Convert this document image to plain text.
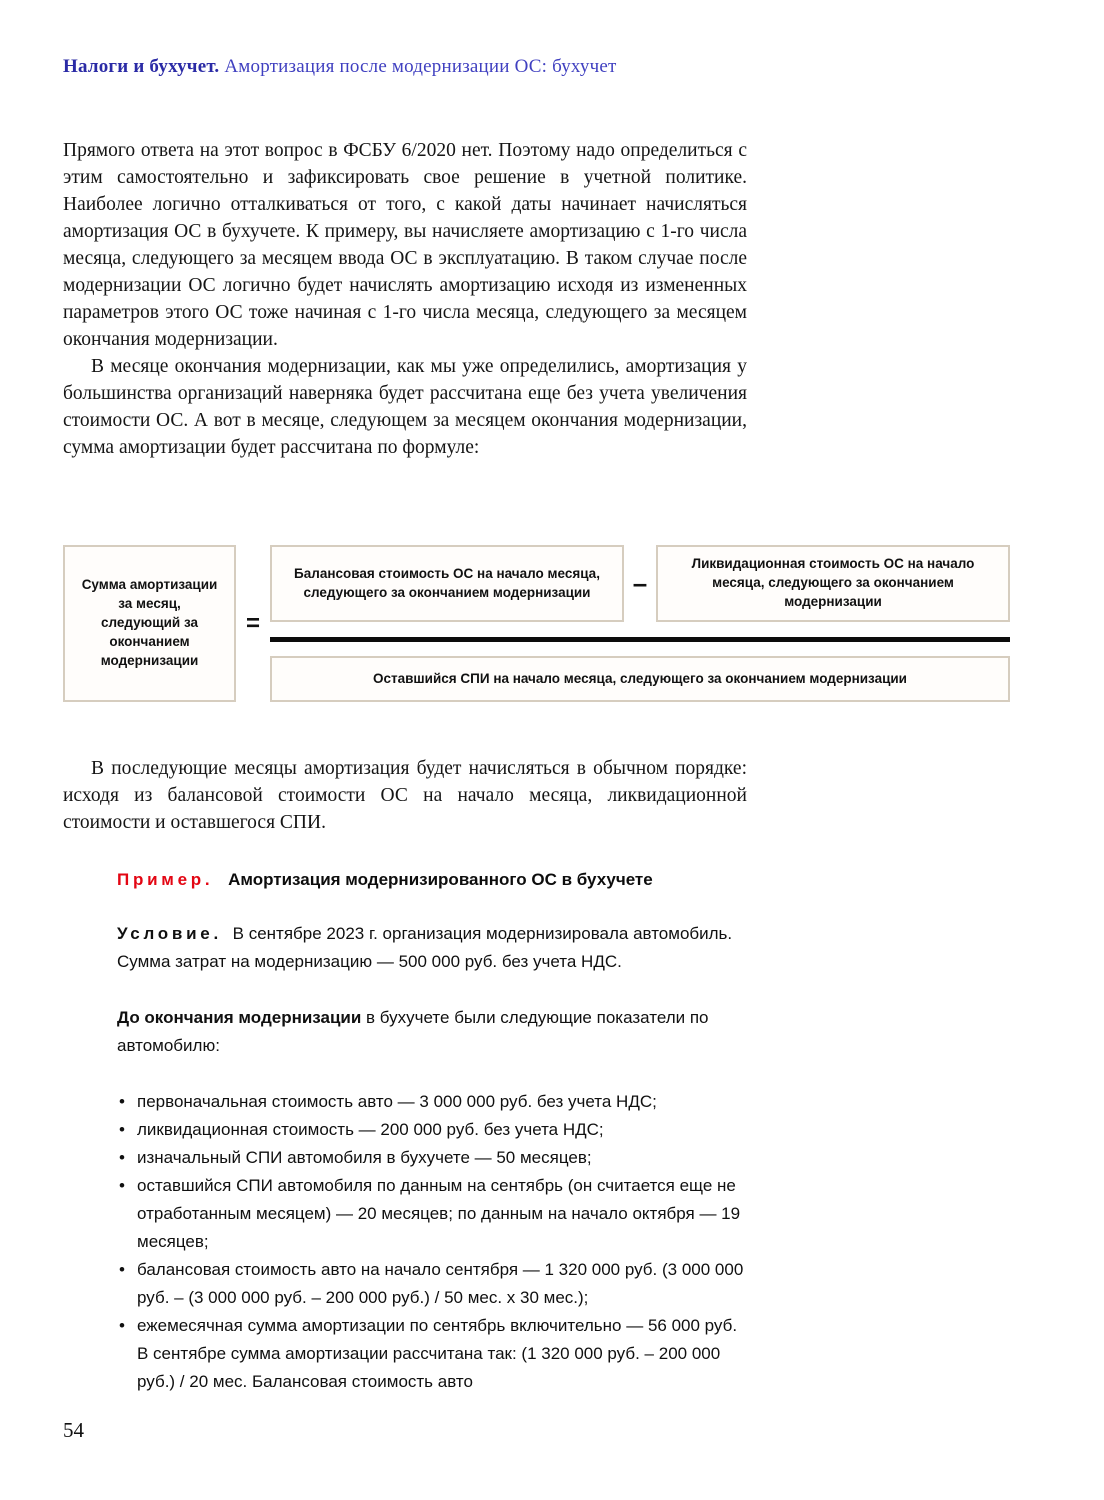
Налоги и бухучет. Амортизация после модернизации ОС: бухучет

Прямого ответа на этот вопрос в ФСБУ 6/2020 нет. Поэтому надо определиться с этим самостоятельно и зафиксировать свое решение в учетной политике. Наиболее логично отталкиваться от того, с какой даты начинает начисляться амортизация ОС в бухучете. К примеру, вы начисляете амортизацию с 1-го числа месяца, следующего за месяцем ввода ОС в эксплуатацию. В таком случае после модернизации ОС логично будет начислять амортизацию исходя из измененных параметров этого ОС тоже начиная с 1-го числа месяца, следующего за месяцем окончания модернизации.

В месяце окончания модернизации, как мы уже определились, амортизация у большинства организаций наверняка будет рассчитана еще без учета увеличения стоимости ОС. А вот в месяце, следующем за месяцем окончания модернизации, сумма амортизации будет рассчитана по формуле:

Сумма амортизации за месяц, следующий за окончанием модернизации
=
Балансовая стоимость ОС на начало месяца, следующего за окончанием модернизации	–
Ликвидационная стоимость ОС на начало месяца, следующего за окончанием модернизации
Оставшийся СПИ на начало месяца, следующего за окончанием модернизации

В последующие месяцы амортизация будет начисляться в обычном порядке: исходя из балансовой стоимости ОС на начало месяца, ликвидационной стоимости и оставшегося СПИ.

Пример. Амортизация модернизированного ОС в бухучете

Условие. В сентябре 2023 г. организация модернизировала автомобиль. Сумма затрат на модернизацию — 500 000 руб. без учета НДС.

До окончания модернизации в бухучете были следующие показатели по автомобилю:

• первоначальная стоимость авто — 3 000 000 руб. без учета НДС;
• ликвидационная стоимость — 200 000 руб. без учета НДС;
• изначальный СПИ автомобиля в бухучете — 50 месяцев;
• оставшийся СПИ автомобиля по данным на сентябрь (он считается еще не отработанным месяцем) — 20 месяцев; по данным на начало октября — 19 месяцев;
• балансовая стоимость авто на начало сентября — 1 320 000 руб. (3 000 000 руб. – (3 000 000 руб. – 200 000 руб.) / 50 мес. x 30 мес.);
• ежемесячная сумма амортизации по сентябрь включительно — 56 000 руб. В сентябре сумма амортизации рассчитана так: (1 320 000 руб. – 200 000 руб.) / 20 мес. Балансовая стоимость авто
54
